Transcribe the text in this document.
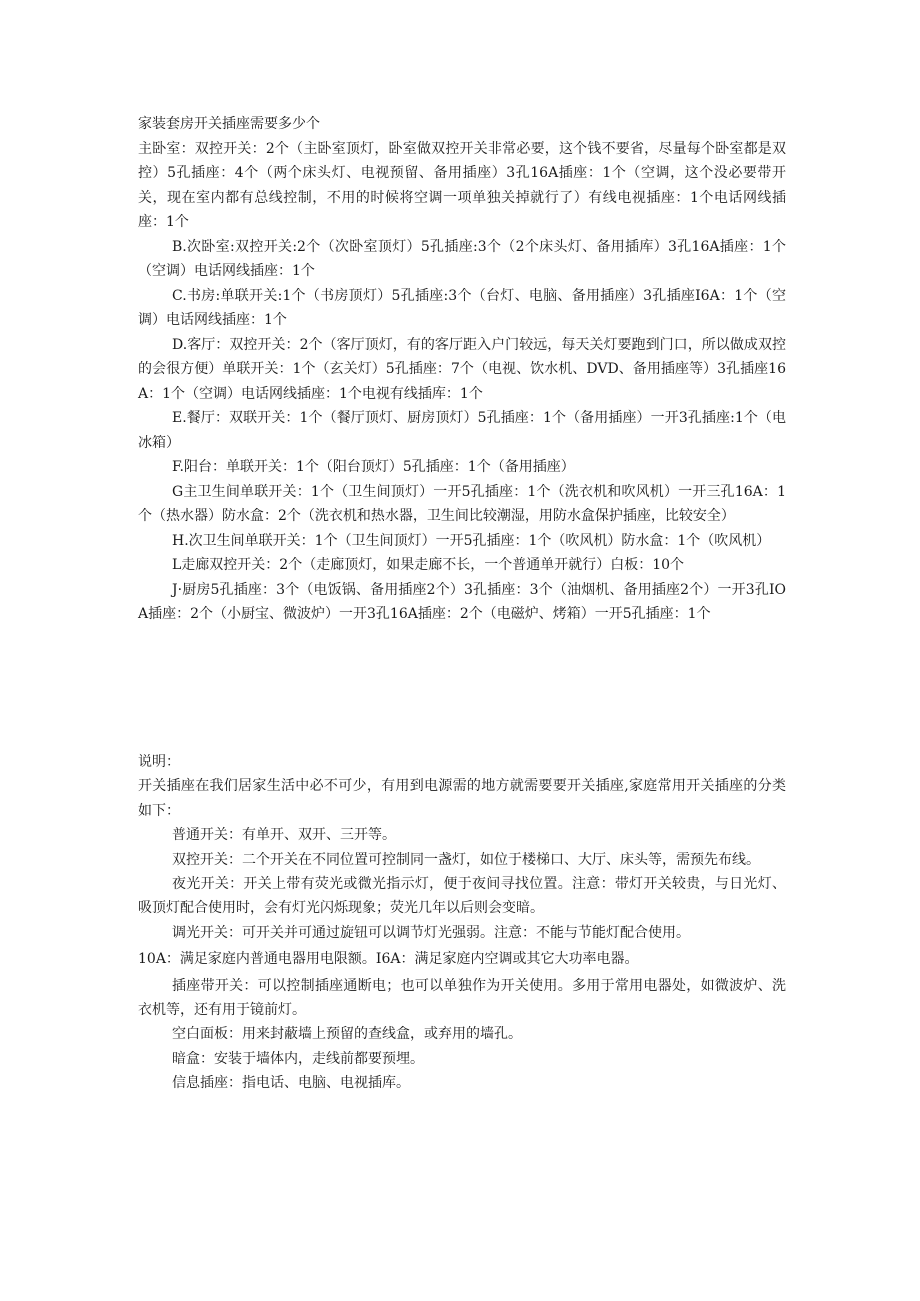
家装套房开关插座需要多少个

主卧室：双控开关：2个（主卧室顶灯，卧室做双控开关非常必要，这个钱不要省，尽量每个卧室都是双控）5孔插座：4个（两个床头灯、电视预留、备用插座）3孔16A插座：1个（空调，这个没必要带开关，现在室内都有总线控制，不用的时候将空调一项单独关掉就行了）有线电视插座：1个电话网线插座：1个

B.次卧室:双控开关:2个（次卧室顶灯）5孔插座:3个（2个床头灯、备用插库）3孔16A插座：1个（空调）电话网线插座：1个

C.书房:单联开关:1个（书房顶灯）5孔插座:3个（台灯、电脑、备用插座）3孔插座I6A：1个（空调）电话网线插座：1个

D.客厅：双控开关：2个（客厅顶灯，有的客厅距入户门较远，每天关灯要跑到门口，所以做成双控的会很方便）单联开关：1个（玄关灯）5孔插座：7个（电视、饮水机、DVD、备用插座等）3孔插座16A：1个（空调）电话网线插座：1个电视有线插库：1个

E.餐厅：双联开关：1个（餐厅顶灯、厨房顶灯）5孔插座：1个（备用插座）一开3孔插座:1个（电冰箱）

F.阳台：单联开关：1个（阳台顶灯）5孔插座：1个（备用插座）

G主卫生间单联开关：1个（卫生间顶灯）一开5孔插座：1个（洗衣机和吹风机）一开三孔16A：1个（热水器）防水盒：2个（洗衣机和热水器，卫生间比较潮湿，用防水盒保护插座，比较安全）

H.次卫生间单联开关：1个（卫生间顶灯）一开5孔插座：1个（吹风机）防水盒：1个（吹风机）

L走廊双控开关：2个（走廊顶灯，如果走廊不长，一个普通单开就行）白板：10个

J·厨房5孔插座：3个（电饭锅、备用插座2个）3孔插座：3个（油烟机、备用插座2个）一开3孔IOA插座：2个（小厨宝、微波炉）一开3孔16A插座：2个（电磁炉、烤箱）一开5孔插座：1个

说明：

开关插座在我们居家生活中必不可少，有用到电源需的地方就需要要开关插座,家庭常用开关插座的分类如下：

普通开关：有单开、双开、三开等。

双控开关：二个开关在不同位置可控制同一盏灯，如位于楼梯口、大厅、床头等，需预先布线。

夜光开关：开关上带有荧光或微光指示灯，便于夜间寻找位置。注意：带灯开关较贵，与日光灯、吸顶灯配合使用时，会有灯光闪烁现象；荧光几年以后则会变暗。

调光开关：可开关并可通过旋钮可以调节灯光强弱。注意：不能与节能灯配合使用。

10A：满足家庭内普通电器用电限额。I6A：满足家庭内空调或其它大功率电器。

插座带开关：可以控制插座通断电；也可以单独作为开关使用。多用于常用电器处，如微波炉、洗衣机等，还有用于镜前灯。

空白面板：用来封蔽墙上预留的查线盒，或弃用的墙孔。

暗盒：安装于墙体内，走线前都要预埋。

信息插座：指电话、电脑、电视插库。
